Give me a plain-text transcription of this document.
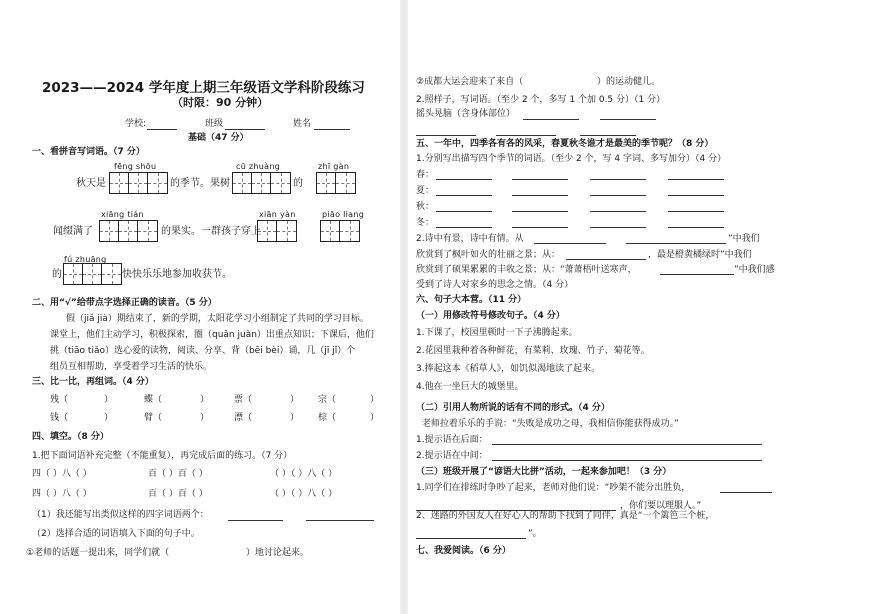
2023——2024 学年度上期三年级语文学科阶段练习
（时限：90 分钟）
学校:	班级	姓名
基础（47 分）
一、看拼音写词语。（7 分）
fēng shōu	cū zhuàng	zhī gàn
秋天是	的季节。果树	的
xiāng tián	xiān yàn	piāo liang
闻缀满了	的果实。一群孩子穿上
fú zhuāng
的	快快乐乐地参加收获节。
二、用“√”给带点字选择正确的读音。（5 分）
假（jiǎ jià）期结束了，新的学期，太阳花学习小组制定了共同的学习目标。
课堂上，他们主动学习，积极探索，圈（quān juàn）出重点知识；下课后，他们
挑（tiāo tiǎo）选心爱的读物，阅读、分享、背（bēi bèi）诵，几（jī jǐ）个
组员互相帮助，享受着学习生活的快乐。
三、比一比，再组词。（4 分）
残（	）	蝶（	）	票（	） 宗（	）
钱（	）	臂（	）	漂（	） 棕（	）
四、填空。（8 分）
1.把下面词语补充完整（不能重复），再完成后面的练习。（7 分）
四（ ）八（ ）	百（ ）百（ ）	（ ）（ ）八（ ）
四（ ）八（ ）	百（ ）百（ ）	（ ）（ ）八（ ）
（1）我还能写出类似这样的四字词语两个：
（2）选择合适的词语填入下面的句子中。
①老师的话题一提出来，同学们就（	）地讨论起来。
②成都大运会迎来了来自（	）的运动健儿。
2.照样子，写词语。（至少 2 个，多写 1 个加 0.5 分）（1 分）
摇头晃脑（含身体部位）
五、一年中，四季各有各的风采，春夏秋冬谁才是最美的季节呢？（8 分）
1.分别写出描写四个季节的词语。（至少 2 个，写 4 字词、多写加分）（4 分）
春：
夏：
秋：
冬：
2.诗中有景，诗中有情。从	”中我们
欣赏到了枫叶如火的壮丽之景；从：	，最是橙黄橘绿时”中我们
欣赏到了硕果累累的丰收之景；从：“萧萧梧叶送寒声，	”中我们感
受到了诗人对家乡的思念之情。（4 分）
六、句子大本营。（11 分）
（一）用修改符号修改句子。（4 分）
1.下课了，校园里顿时一下子沸腾起来。
2.花园里栽种着各种鲜花，有菜莉、玫瑰、竹子、菊花等。
3.捧起这本《稻草人》，如饥似渴地读了起来。
4.他在一坐巨大的城堡里。
（二）引用人物所说的话有不同的形式。（4 分）
老师拉着乐乐的手说：“失败是成功之母，我相信你能获得成功。”
1.提示语在后面：
2.提示语在中间：
（三）班级开展了“谚语大比拼”活动，一起来参加吧！（3 分）
1.同学们在排练时争吵了起来，老师对他们说：“吵架不能分出胜负，
，你们要以理服人。”
2、迷路的外国友人在好心人的帮助下找到了同伴，真是“一个篱笆三个桩，
”。
七、我爱阅读。（6 分）
